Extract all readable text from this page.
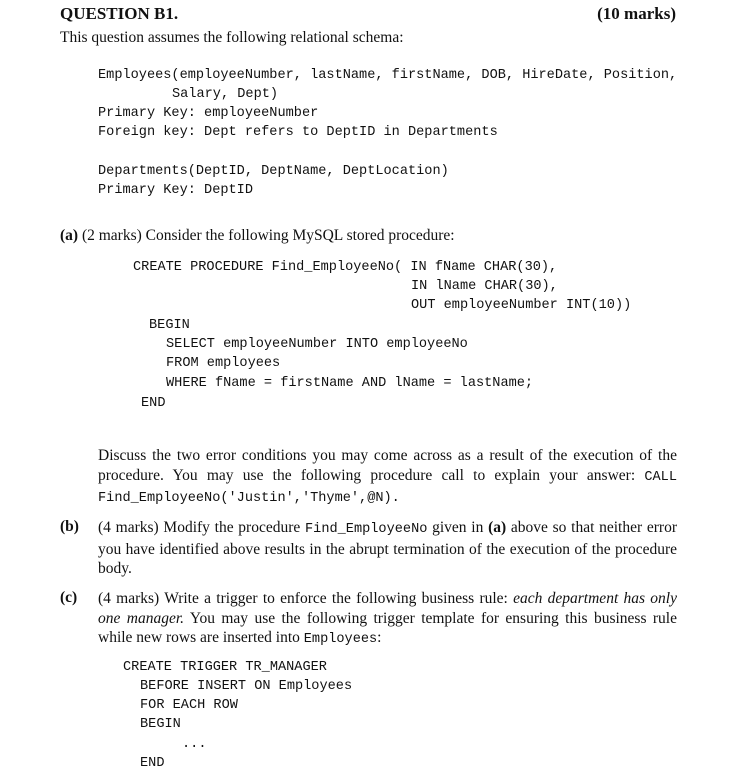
QUESTION B1.	(10 marks)
This question assumes the following relational schema:
Employees(employeeNumber, lastName, firstName, DOB, HireDate, Position,
Salary, Dept)
Primary Key: employeeNumber
Foreign key: Dept refers to DeptID in Departments
Departments(DeptID, DeptName, DeptLocation)
Primary Key: DeptID
(a) (2 marks) Consider the following MySQL stored procedure:
CREATE PROCEDURE Find_EmployeeNo( IN fName CHAR(30),
IN lName CHAR(30),
OUT employeeNumber INT(10))
BEGIN
SELECT employeeNumber INTO employeeNo
FROM employees
WHERE fName = firstName AND lName = lastName;
END
Discuss the two error conditions you may come across as a result of the execution of the procedure. You may use the following procedure call to explain your answer: CALL Find_EmployeeNo('Justin','Thyme',@N).
(b) (4 marks) Modify the procedure Find_EmployeeNo given in (a) above so that neither error you have identified above results in the abrupt termination of the execution of the procedure body.
(c) (4 marks) Write a trigger to enforce the following business rule: each department has only one manager. You may use the following trigger template for ensuring this business rule while new rows are inserted into Employees:
CREATE TRIGGER TR_MANAGER
BEFORE INSERT ON Employees
FOR EACH ROW
BEGIN
...
END
